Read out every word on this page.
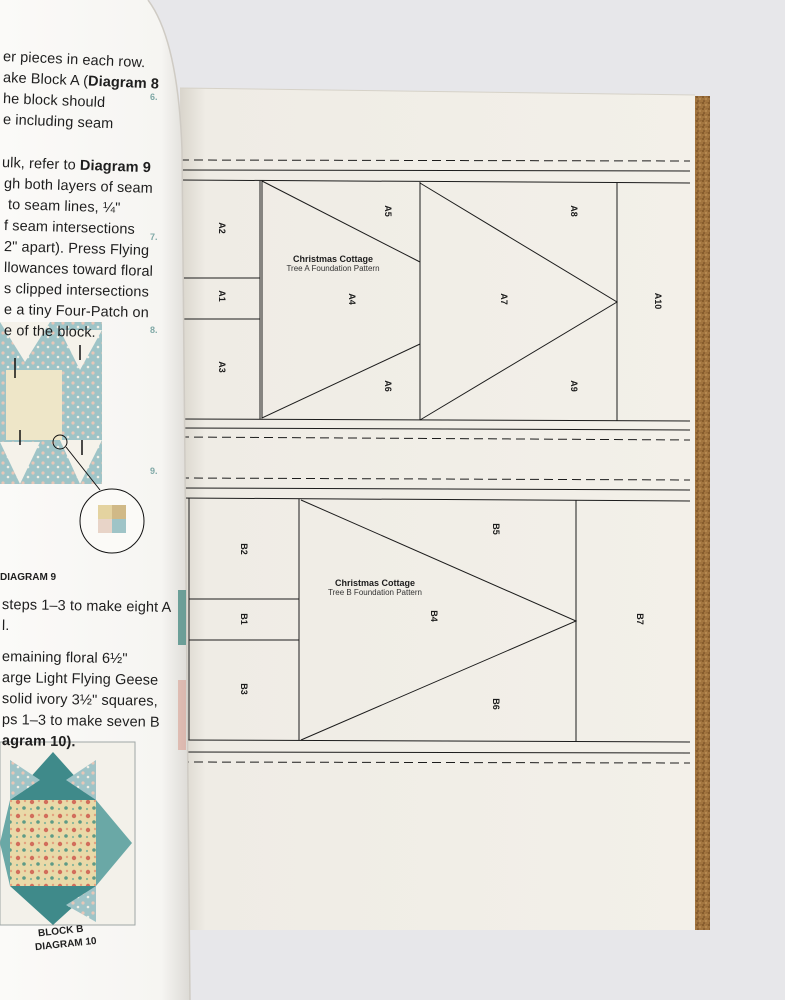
Christmas Cottage
Tree A Foundation Pattern
Christmas Cottage
Tree B Foundation Pattern
A1
A2
A3
A4
A5
A6
A7
A8
A9
A10
B1
B2
B3
B4
B5
B6
B7
er pieces in each row.
ake Block A (Diagram 8
he block should
e including seam
ulk, refer to Diagram 9
gh both layers of seam
to seam lines, ¼"
f seam intersections
2" apart). Press Flying
llowances toward floral
s clipped intersections
e a tiny Four-Patch on
e of the block.
DIAGRAM 9
steps 1–3 to make eight A
l.
emaining floral 6½"
arge Light Flying Geese
solid ivory 3½" squares,
ps 1–3 to make seven B
agram 10).
BLOCK B
DIAGRAM 10
6.
7.
8.
9.
